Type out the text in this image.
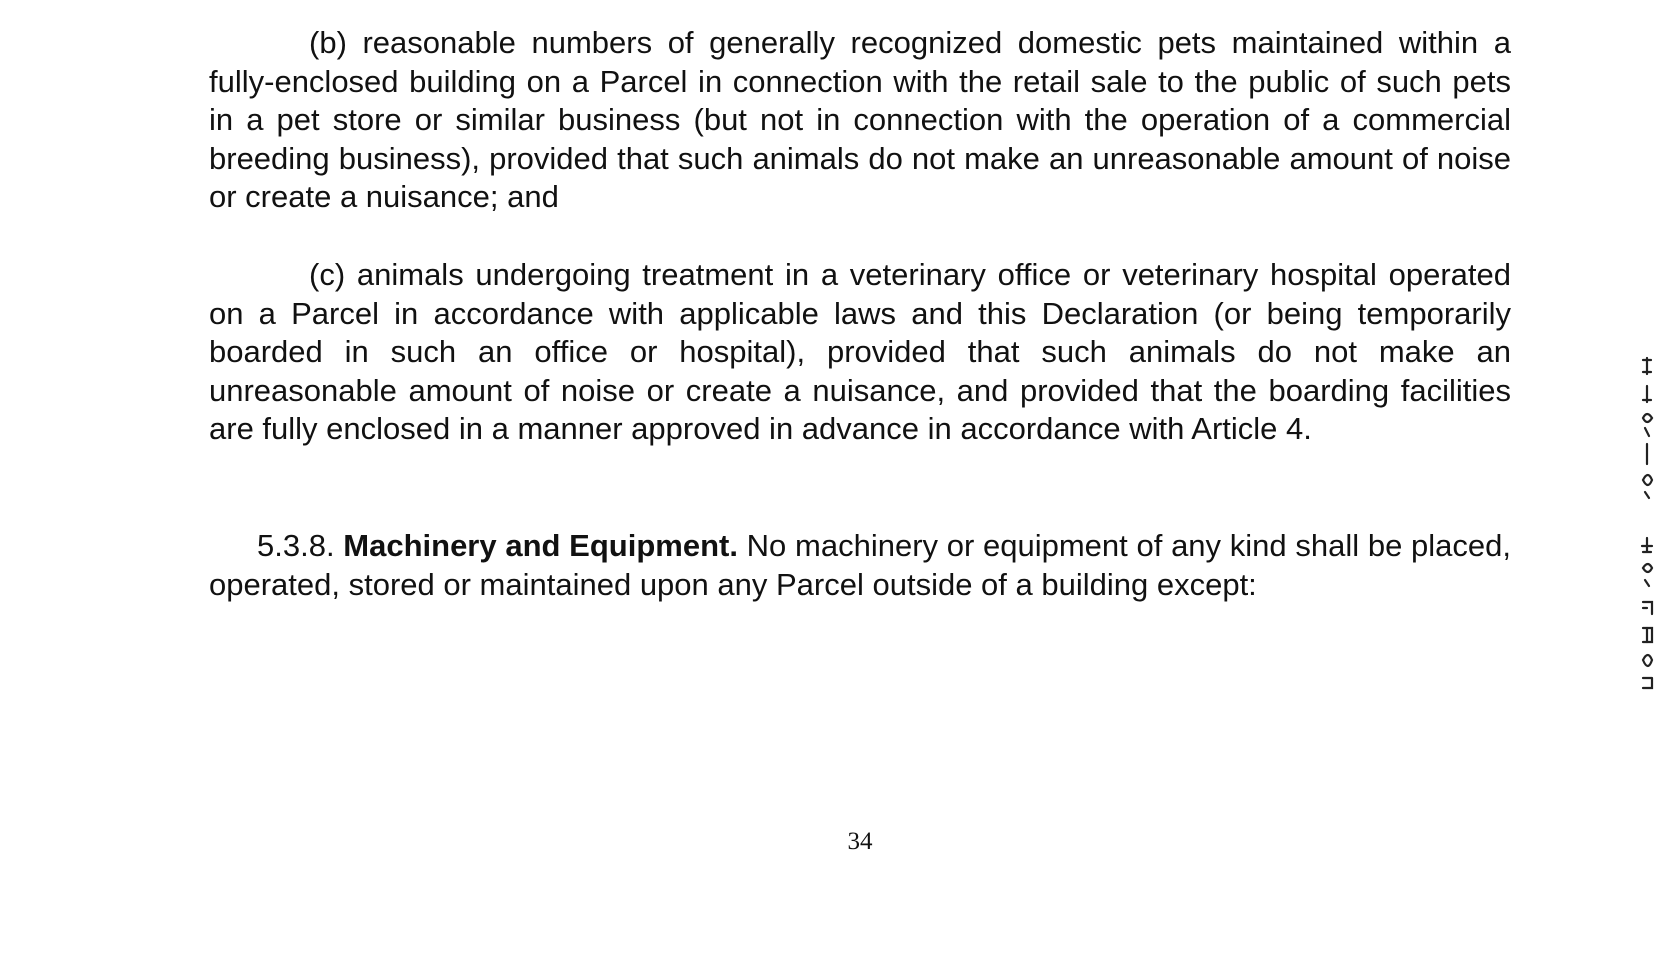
(b) reasonable numbers of generally recognized domestic pets maintained within a fully-enclosed building on a Parcel in connection with the retail sale to the public of such pets in a pet store or similar business (but not in connection with the operation of a commercial breeding business), provided that such animals do not make an unreasonable amount of noise or create a nuisance; and

(c) animals undergoing treatment in a veterinary office or veterinary hospital operated on a Parcel in accordance with applicable laws and this Declaration (or being temporarily boarded in such an office or hospital), provided that such animals do not make an unreasonable amount of noise or create a nuisance, and provided that the boarding facilities are fully enclosed in a manner approved in advance in accordance with Article 4.

5.3.8. Machinery and Equipment. No machinery or equipment of any kind shall be placed, operated, stored or maintained upon any Parcel outside of a building except:

34
